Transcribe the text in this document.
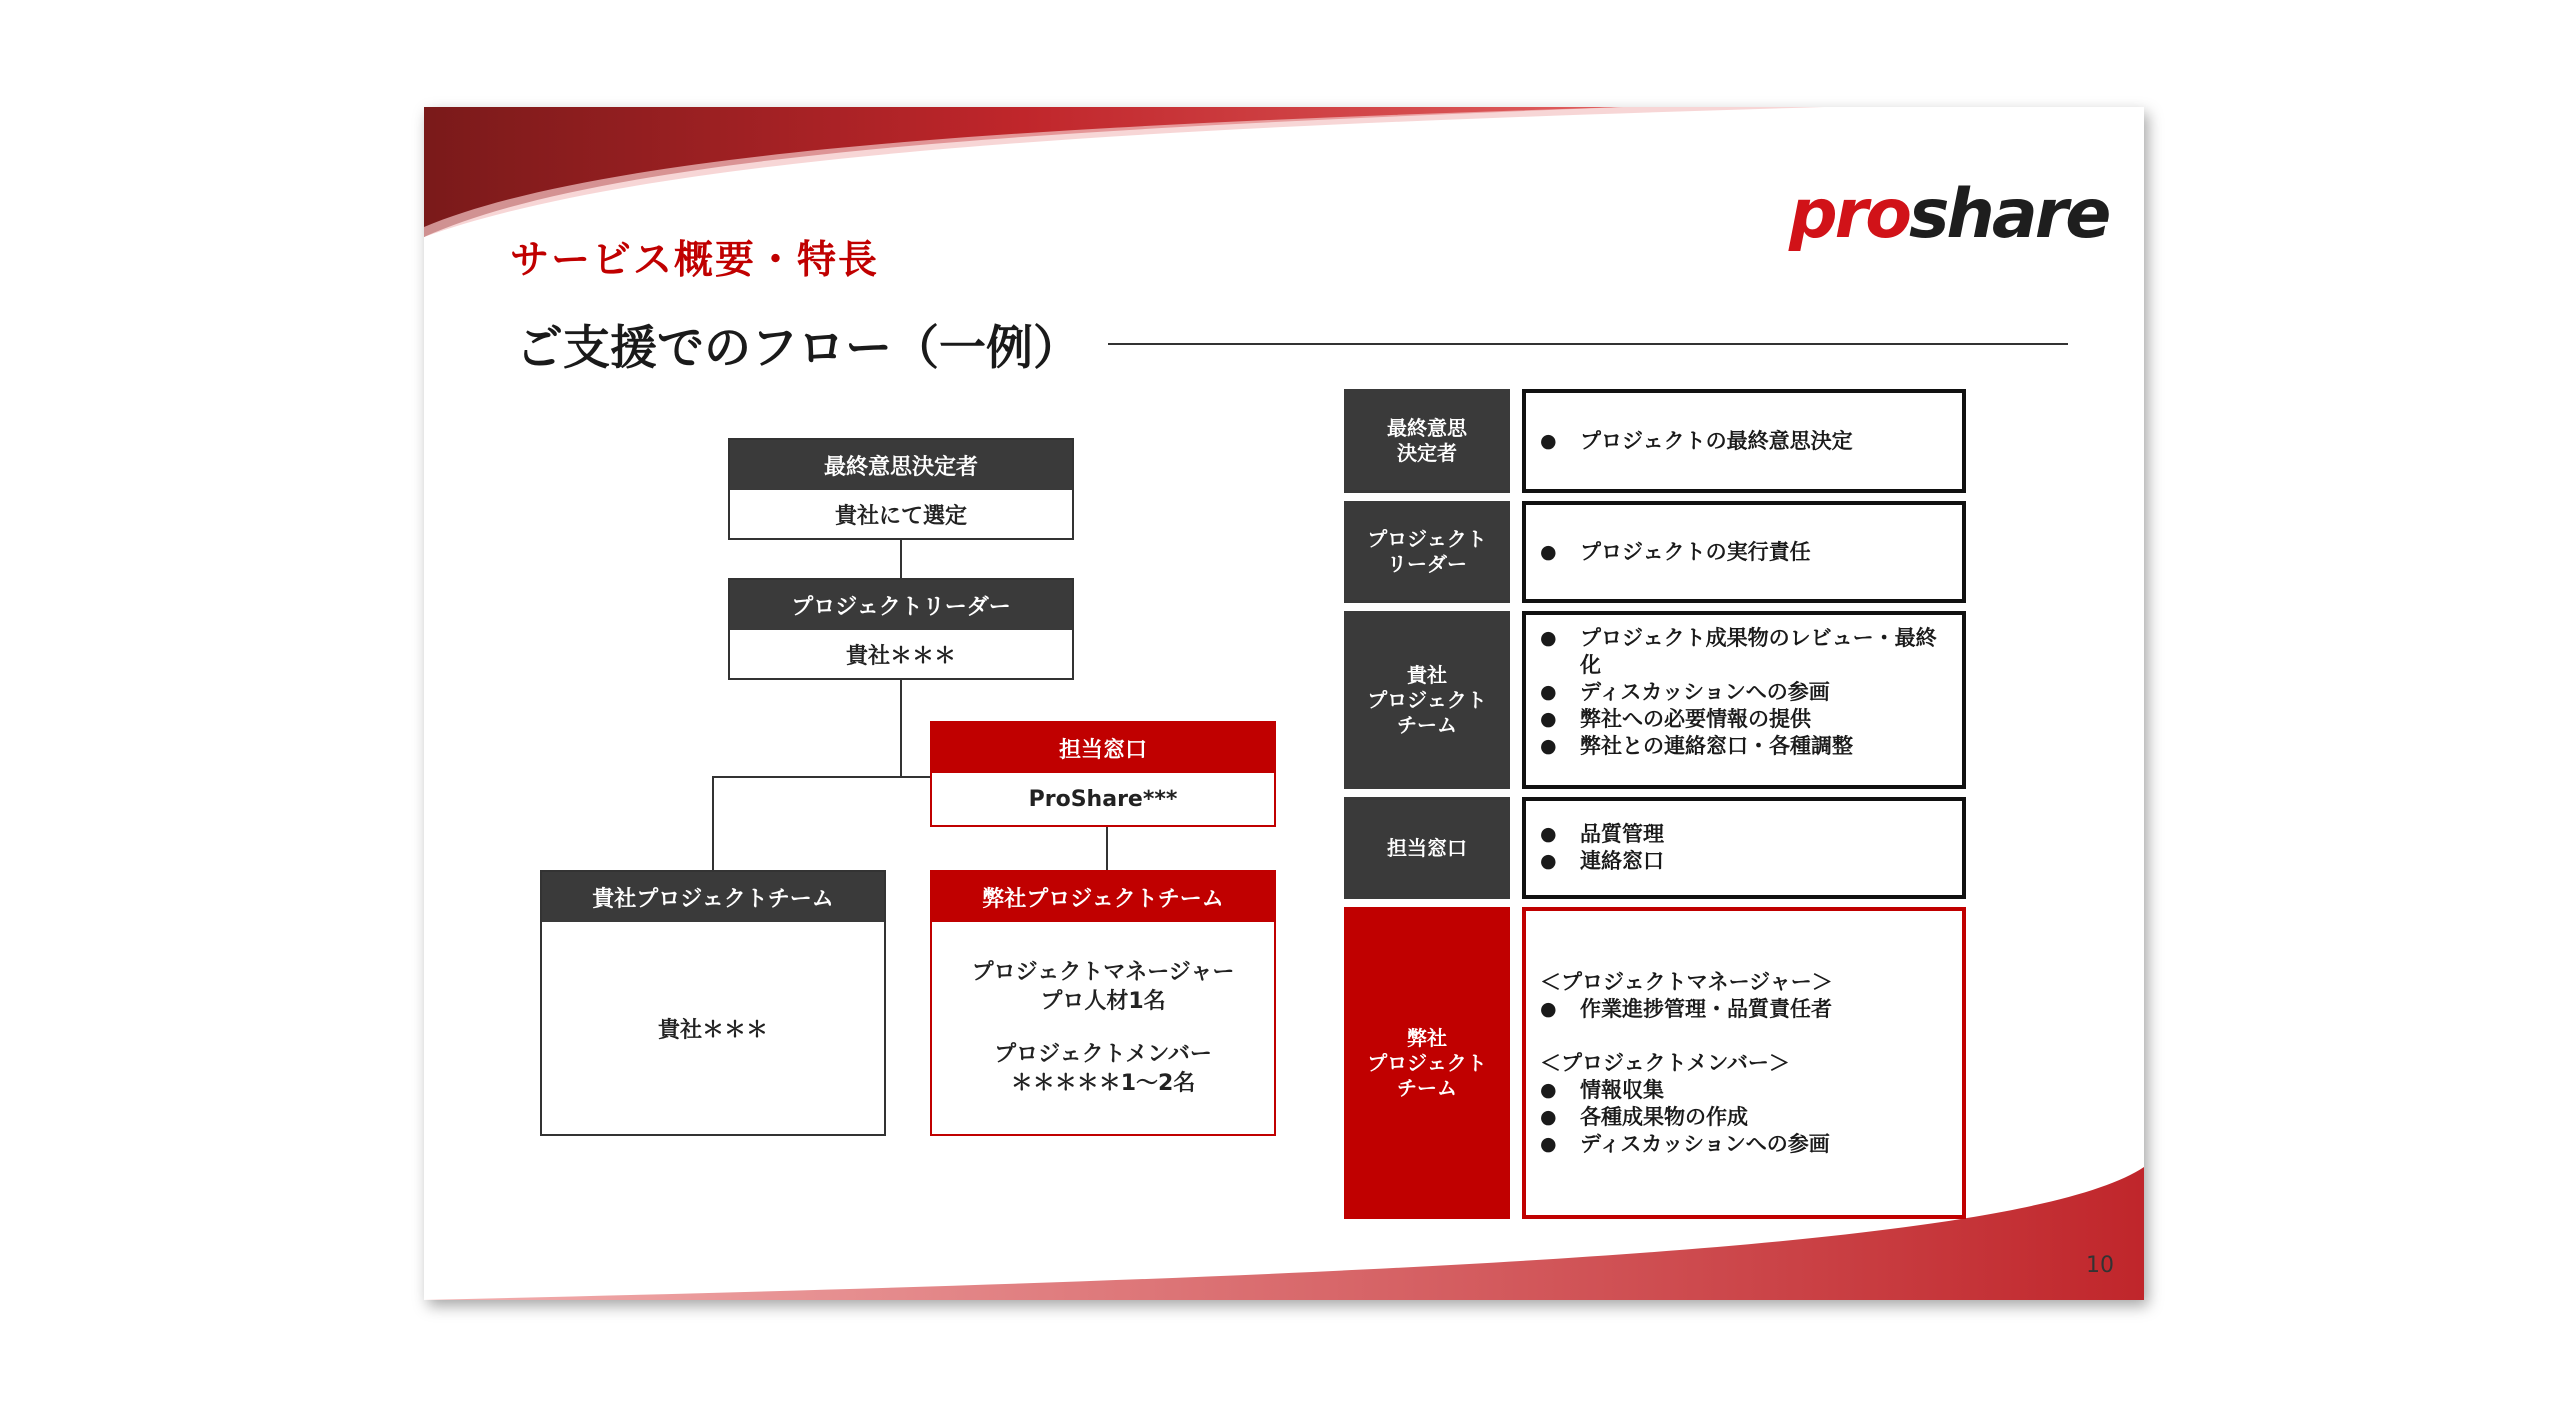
サービス概要・特長
proshare
ご支援でのフロー（一例）
最終意思決定者
貴社にて選定
プロジェクトリーダー
貴社＊＊＊
担当窓口
ProShare***
貴社プロジェクトチーム
貴社＊＊＊
弊社プロジェクトチーム
プロジェクトマネージャー
プロ人材1名
プロジェクトメンバー
＊＊＊＊＊1〜2名
最終意思
決定者
● プロジェクトの最終意思決定
プロジェクト
リーダー
● プロジェクトの実行責任
貴社
プロジェクト
チーム
● プロジェクト成果物のレビュー・最終化
● ディスカッションへの参画
● 弊社への必要情報の提供
● 弊社との連絡窓口・各種調整
担当窓口
● 品質管理
● 連絡窓口
弊社
プロジェクト
チーム
＜プロジェクトマネージャー＞
● 作業進捗管理・品質責任者
＜プロジェクトメンバー＞
● 情報収集
● 各種成果物の作成
● ディスカッションへの参画
10
